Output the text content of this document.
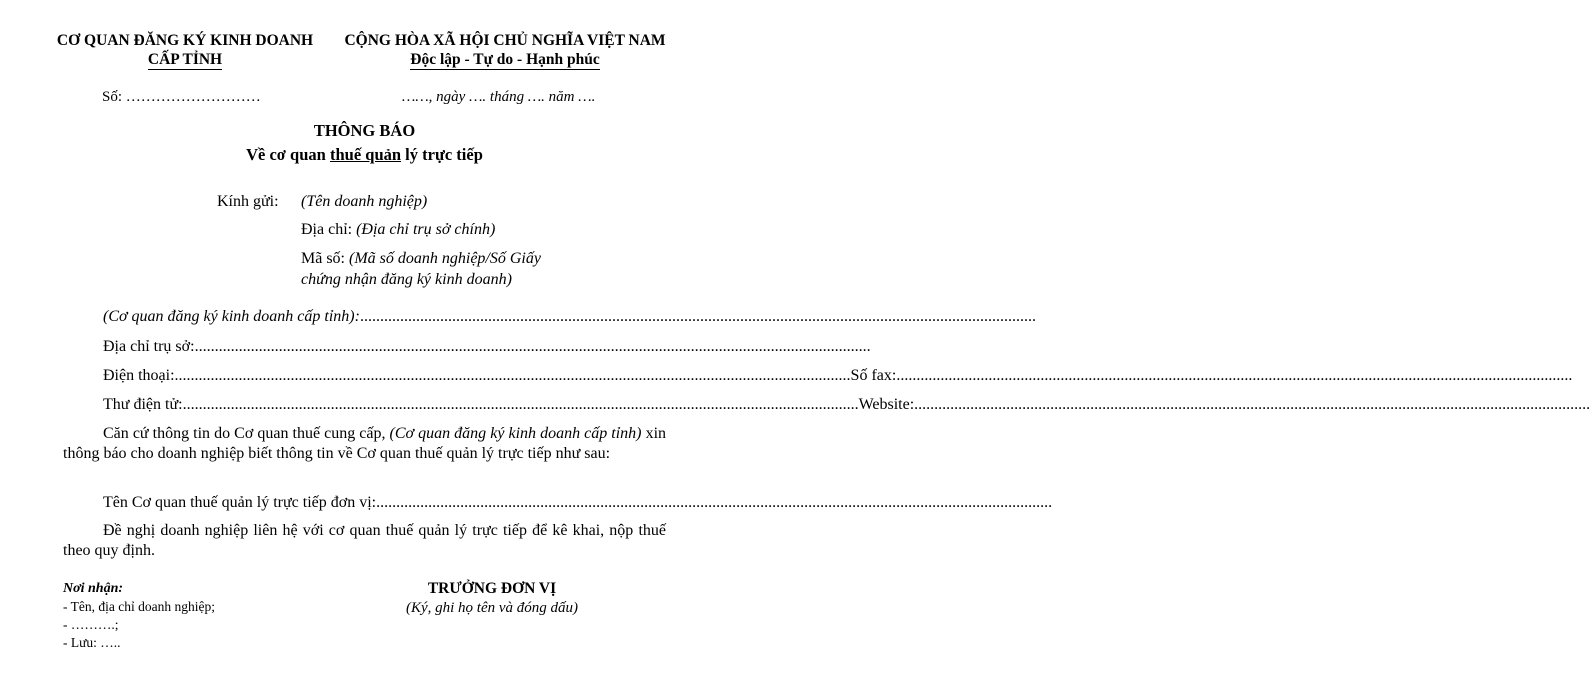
CƠ QUAN ĐĂNG KÝ KINH DOANH
CẤP TỈNH
CỘNG HÒA XÃ HỘI CHỦ NGHĨA VIỆT NAM
Độc lập - Tự do - Hạnh phúc
Số: ………………………	……, ngày …. tháng …. năm ….
THÔNG BÁO
Về cơ quan thuế quản lý trực tiếp
Kính gửi: (Tên doanh nghiệp)
Địa chỉ: (Địa chỉ trụ sở chính)
Mã số: (Mã số doanh nghiệp/Số Giấy
chứng nhận đăng ký kinh doanh)
(Cơ quan đăng ký kinh doanh cấp tỉnh): .........................................................................................................................................................................
Địa chỉ trụ sở: .........................................................................................................................................................................
Điện thoại: ......................................................................................................................................................................... Số fax: .........................................................................................................................................................................
Thư điện tử: ......................................................................................................................................................................... Website: .........................................................................................................................................................................
Căn cứ thông tin do Cơ quan thuế cung cấp, (Cơ quan đăng ký kinh doanh cấp tỉnh) xin thông báo cho doanh nghiệp biết thông tin về Cơ quan thuế quản lý trực tiếp như sau:
Tên Cơ quan thuế quản lý trực tiếp đơn vị: .........................................................................................................................................................................
Đề nghị doanh nghiệp liên hệ với cơ quan thuế quản lý trực tiếp để kê khai, nộp thuế theo quy định.
Nơi nhận:
- Tên, địa chỉ doanh nghiệp;
- ……….;
- Lưu: …..
TRƯỞNG ĐƠN VỊ
(Ký, ghi họ tên và đóng dấu)
